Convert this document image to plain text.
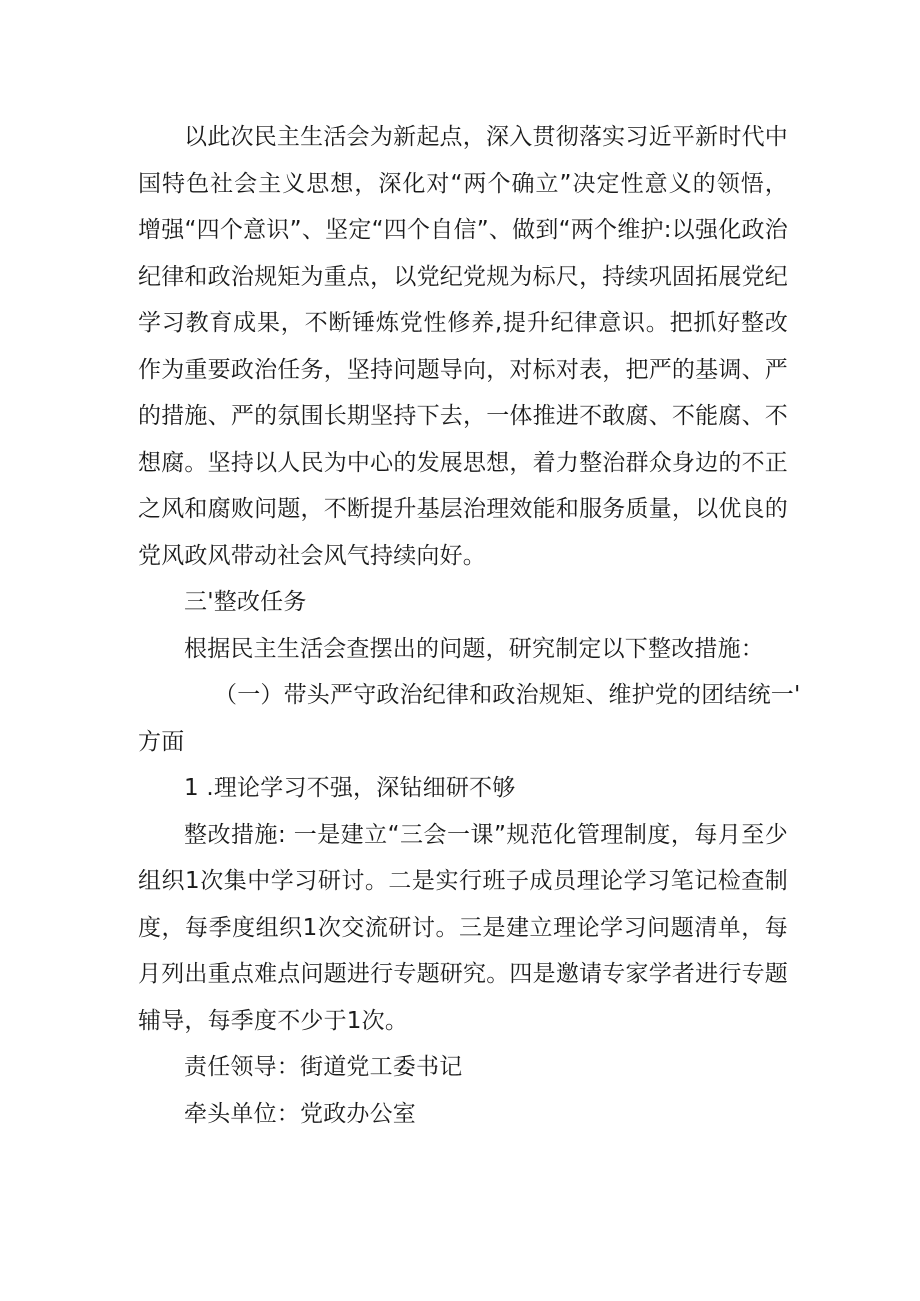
以此次民主生活会为新起点，深入贯彻落实习近平新时代中国特色社会主义思想，深化对“两个确立”决定性意义的领悟，增强“四个意识”、坚定“四个自信”、做到“两个维护:以强化政治纪律和政治规矩为重点，以党纪党规为标尺，持续巩固拓展党纪学习教育成果，不断锤炼党性修养,提升纪律意识。把抓好整改作为重要政治任务，坚持问题导向，对标对表，把严的基调、严的措施、严的氛围长期坚持下去，一体推进不敢腐、不能腐、不想腐。坚持以人民为中心的发展思想，着力整治群众身边的不正之风和腐败问题，不断提升基层治理效能和服务质量，以优良的党风政风带动社会风气持续向好。

三'整改任务

根据民主生活会查摆出的问题，研究制定以下整改措施：

（一）带头严守政治纪律和政治规矩、维护党的团结统一'

方面

1 .理论学习不强，深钻细研不够

整改措施: 一是建立“三会一课”规范化管理制度，每月至少组织1次集中学习研讨。二是实行班子成员理论学习笔记检查制度，每季度组织1次交流研讨。三是建立理论学习问题清单，每月列出重点难点问题进行专题研究。四是邀请专家学者进行专题辅导，每季度不少于1次。

责任领导：街道党工委书记

牵头单位：党政办公室
